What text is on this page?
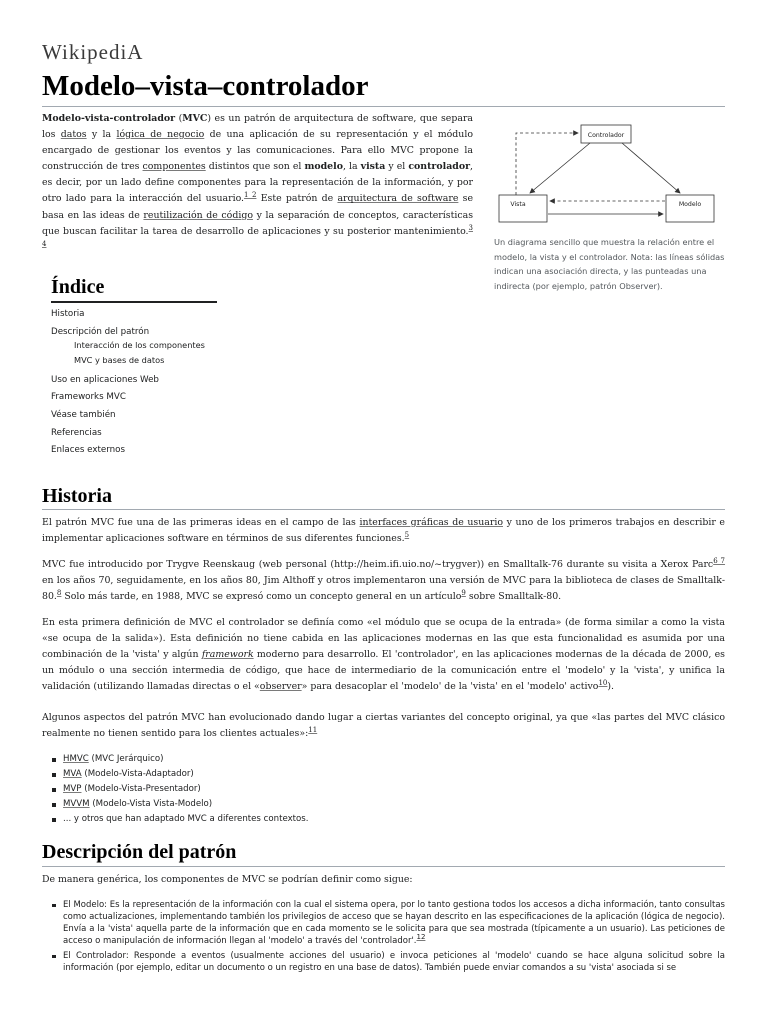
WikipediA
Modelo–vista–controlador

Modelo-vista-controlador (MVC) es un patrón de arquitectura de software, que separa los datos y la lógica de negocio de una aplicación de su representación y el módulo encargado de gestionar los eventos y las comunicaciones. Para ello MVC propone la construcción de tres componentes distintos que son el modelo, la vista y el controlador, es decir, por un lado define componentes para la representación de la información, y por otro lado para la interacción del usuario.$^{1 2}$ Este patrón de arquitectura de software se basa en las ideas de reutilización de código y la separación de conceptos, características que buscan facilitar la tarea de desarrollo de aplicaciones y su posterior mantenimiento.$^{3 4}$

Controlador
Vista	Modelo

Un diagrama sencillo que muestra la relación entre el modelo, la vista y el controlador. Nota: las líneas sólidas indican una asociación directa, y las punteadas una indirecta (por ejemplo, patrón Observer).

Índice
Historia
Descripción del patrón
Interacción de los componentes
MVC y bases de datos
Uso en aplicaciones Web
Frameworks MVC
Véase también
Referencias
Enlaces externos
Historia

El patrón MVC fue una de las primeras ideas en el campo de las interfaces gráficas de usuario y uno de los primeros trabajos en describir e implementar aplicaciones software en términos de sus diferentes funciones.$^5$

MVC fue introducido por Trygve Reenskaug (web personal (http://heim.ifi.uio.no/~trygver)) en Smalltalk-76 durante su visita a Xerox Parc$^{6 7}$ en los años 70, seguidamente, en los años 80, Jim Althoff y otros implementaron una versión de MVC para la biblioteca de clases de Smalltalk-80.$^8$ Solo más tarde, en 1988, MVC se expresó como un concepto general en un artículo$^9$ sobre Smalltalk-80.

En esta primera definición de MVC el controlador se definía como «el módulo que se ocupa de la entrada» (de forma similar a como la vista «se ocupa de la salida»). Esta definición no tiene cabida en las aplicaciones modernas en las que esta funcionalidad es asumida por una combinación de la 'vista' y algún framework moderno para desarrollo. El 'controlador', en las aplicaciones modernas de la década de 2000, es un módulo o una sección intermedia de código, que hace de intermediario de la comunicación entre el 'modelo' y la 'vista', y unifica la validación (utilizando llamadas directas o el «observer» para desacoplar el 'modelo' de la 'vista' en el 'modelo' activo$^{10}$).

Algunos aspectos del patrón MVC han evolucionado dando lugar a ciertas variantes del concepto original, ya que «las partes del MVC clásico realmente no tienen sentido para los clientes actuales»:$^{11}$

HMVC (MVC Jerárquico)
MVA (Modelo-Vista-Adaptador)
MVP (Modelo-Vista-Presentador)
MVVM (Modelo-Vista Vista-Modelo)
... y otros que han adaptado MVC a diferentes contextos.
Descripción del patrón

De manera genérica, los componentes de MVC se podrían definir como sigue:

El Modelo: Es la representación de la información con la cual el sistema opera, por lo tanto gestiona todos los accesos a dicha información, tanto consultas como actualizaciones, implementando también los privilegios de acceso que se hayan descrito en las especificaciones de la aplicación (lógica de negocio). Envía a la 'vista' aquella parte de la información que en cada momento se le solicita para que sea mostrada (típicamente a un usuario). Las peticiones de acceso o manipulación de información llegan al 'modelo' a través del 'controlador'.$^{12}$
El Controlador: Responde a eventos (usualmente acciones del usuario) e invoca peticiones al 'modelo' cuando se hace alguna solicitud sobre la información (por ejemplo, editar un documento o un registro en una base de datos). También puede enviar comandos a su 'vista' asociada si se
